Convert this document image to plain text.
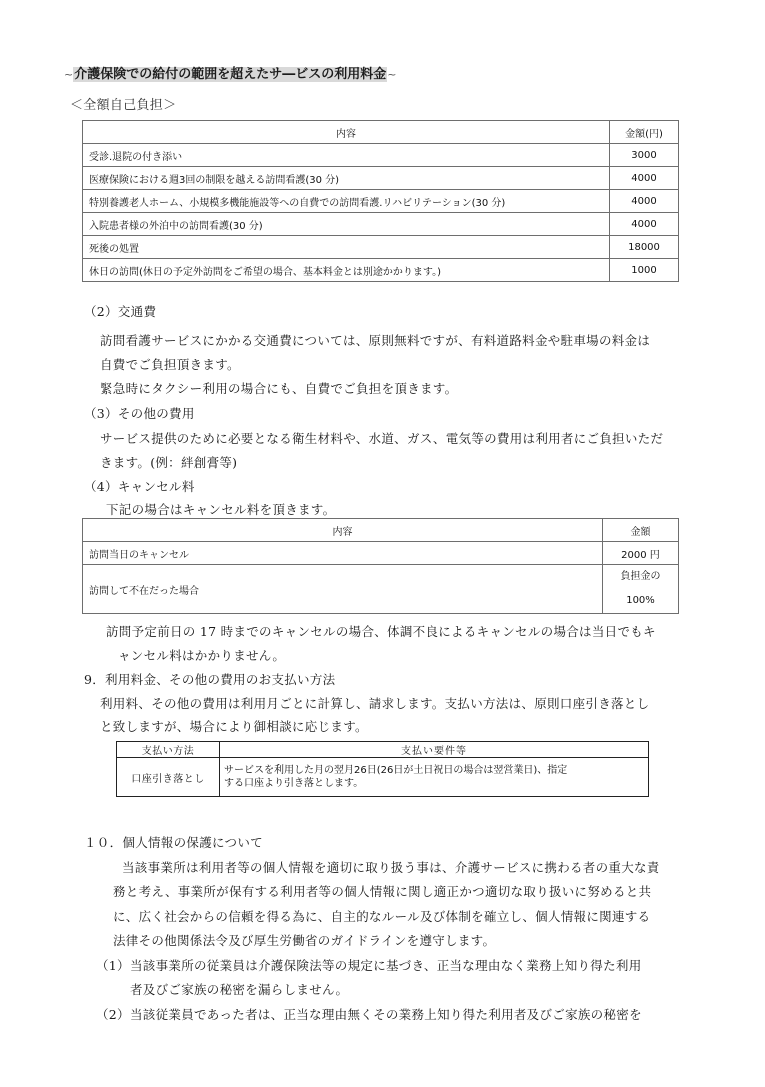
~介護保険での給付の範囲を超えたサ―ビスの利用料金~
＜全額自己負担＞
内容	金額(円)
受診.退院の付き添い	3000
医療保険における週3回の制限を越える訪問看護(30 分)	4000
特別養護老人ホーム、小規模多機能施設等への自費での訪問看護.リハビリテーション(30 分)	4000
入院患者様の外泊中の訪問看護(30 分)	4000
死後の処置	18000
休日の訪問(休日の予定外訪問をご希望の場合、基本料金とは別途かかります。)	1000
（2）交通費
訪問看護サービスにかかる交通費については、原則無料ですが、有料道路料金や駐車場の料金は
自費でご負担頂きます。
緊急時にタクシー利用の場合にも、自費でご負担を頂きます。
（3）その他の費用
サービス提供のために必要となる衛生材料や、水道、ガス、電気等の費用は利用者にご負担いただ
きます。(例：絆創膏等)
（4）キャンセル料
下記の場合はキャンセル料を頂きます。
内容	金額
訪問当日のキャンセル	2000 円
訪問して不在だった場合	負担金の
100%
訪問予定前日の 17 時までのキャンセルの場合、体調不良によるキャンセルの場合は当日でもキ
ャンセル料はかかりません。
9．利用料金、その他の費用のお支払い方法
利用料、その他の費用は利用月ごとに計算し、請求します。支払い方法は、原則口座引き落とし
と致しますが、場合により御相談に応じます。
支払い方法	支払い要件等
口座引き落とし	サービスを利用した月の翌月26日(26日が土日祝日の場合は翌営業日)、指定
する口座より引き落とします。
１０．個人情報の保護について
当該事業所は利用者等の個人情報を適切に取り扱う事は、介護サービスに携わる者の重大な責
務と考え、事業所が保有する利用者等の個人情報に関し適正かつ適切な取り扱いに努めると共
に、広く社会からの信頼を得る為に、自主的なルール及び体制を確立し、個人情報に関連する
法律その他関係法令及び厚生労働省のガイドラインを遵守します。
（1） 当該事業所の従業員は介護保険法等の規定に基づき、正当な理由なく業務上知り得た利用
者及びご家族の秘密を漏らしません。
（2） 当該従業員であった者は、正当な理由無くその業務上知り得た利用者及びご家族の秘密を
